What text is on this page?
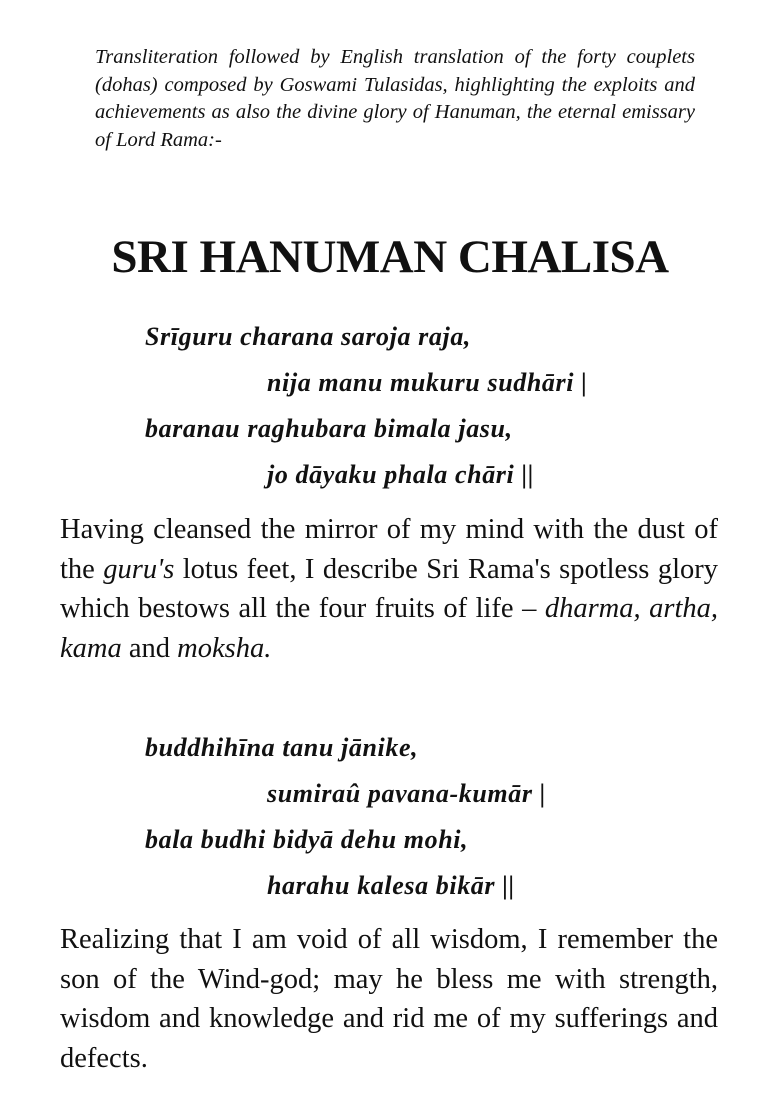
Transliteration followed by English translation of the forty couplets (dohas) composed by Goswami Tulasidas, highlighting the exploits and achievements as also the divine glory of Hanuman, the eternal emissary of Lord Rama:-
SRI HANUMAN CHALISA
Srīguru charana saroja raja,
nija manu mukuru sudhāri |
baranau raghubara bimala jasu,
jo dāyaku phala chāri ||

Having cleansed the mirror of my mind with the dust of the guru's lotus feet, I describe Sri Rama's spotless glory which bestows all the four fruits of life – dharma, artha, kama and moksha.

buddhihīna tanu jānike,
sumiraû pavana-kumār |
bala budhi bidyā dehu mohi,
harahu kalesa bikār ||

Realizing that I am void of all wisdom, I remember the son of the Wind-god; may he bless me with strength, wisdom and knowledge and rid me of my sufferings and defects.
